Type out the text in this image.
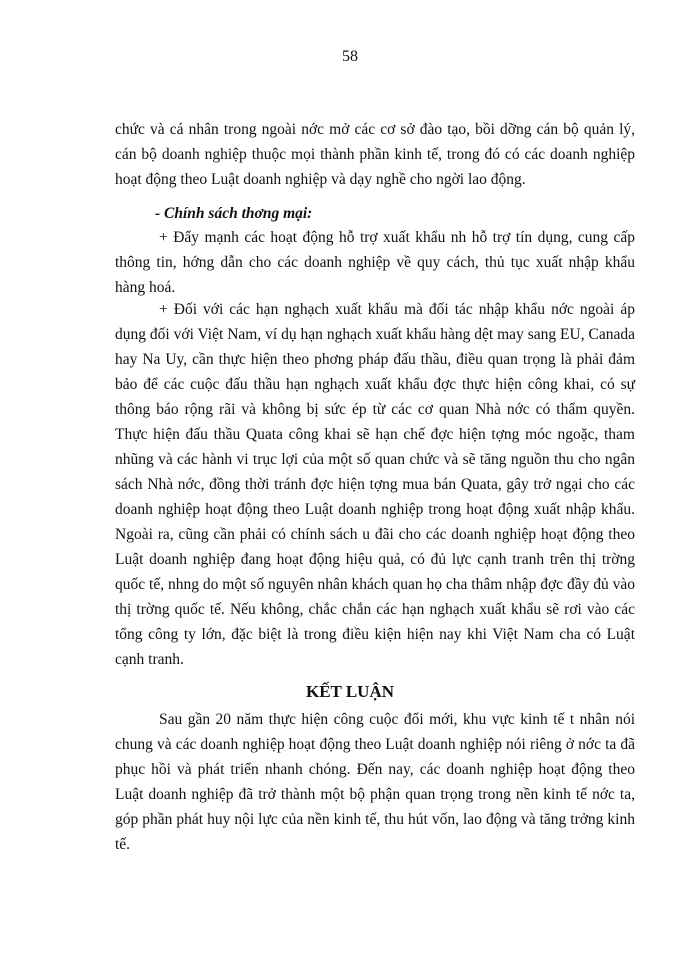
58

chức và cá nhân trong ngoài nớc mở các cơ sở đào tạo, bồi dỡng cán bộ quản lý, cán bộ doanh nghiệp thuộc mọi thành phần kinh tế, trong đó có các doanh nghiệp hoạt động theo Luật doanh nghiệp và dạy nghề cho ngời lao động.

- Chính sách thơng mại:

+ Đẩy mạnh các hoạt động hỗ trợ xuất khẩu nh hỗ trợ tín dụng, cung cấp thông tin, hớng dẫn cho các doanh nghiệp về quy cách, thủ tục xuất nhập khẩu hàng hoá.

+ Đối với các hạn nghạch xuất khẩu mà đối tác nhập khẩu nớc ngoài áp dụng đối với Việt Nam, ví dụ hạn nghạch xuất khẩu hàng dệt may sang EU, Canada hay Na Uy, cần thực hiện theo phơng pháp đấu thầu, điều quan trọng là phải đảm bảo để các cuộc đấu thầu hạn nghạch xuất khẩu đợc thực hiện công khai, có sự thông báo rộng rãi và không bị sức ép từ các cơ quan Nhà nớc có thẩm quyền. Thực hiện đấu thầu Quata công khai sẽ hạn chế đợc hiện tợng móc ngoặc, tham nhũng và các hành vi trục lợi của một số quan chức và sẽ tăng nguồn thu cho ngân sách Nhà nớc, đồng thời tránh đợc hiện tợng mua bán Quata, gây trở ngại cho các doanh nghiệp hoạt động theo Luật doanh nghiệp trong hoạt động xuất nhập khẩu. Ngoài ra, cũng cần phải có chính sách u đãi cho các doanh nghiệp hoạt động theo Luật doanh nghiệp đang hoạt động hiệu quả, có đủ lực cạnh tranh trên thị trờng quốc tế, nhng do một số nguyên nhân khách quan họ cha thâm nhập đợc đầy đủ vào thị trờng quốc tế. Nếu không, chắc chắn các hạn nghạch xuất khẩu sẽ rơi vào các tổng công ty lớn, đặc biệt là trong điều kiện hiện nay khi Việt Nam cha có Luật cạnh tranh.

KẾT LUẬN

Sau gần 20 năm thực hiện công cuộc đổi mới, khu vực kinh tế t nhân nói chung và các doanh nghiệp hoạt động theo Luật doanh nghiệp nói riêng ở nớc ta đã phục hồi và phát triển nhanh chóng. Đến nay, các doanh nghiệp hoạt động theo Luật doanh nghiệp đã trở thành một bộ phận quan trọng trong nền kinh tế nớc ta, góp phần phát huy nội lực của nền kinh tế, thu hút vốn, lao động và tăng trởng kinh tế.
